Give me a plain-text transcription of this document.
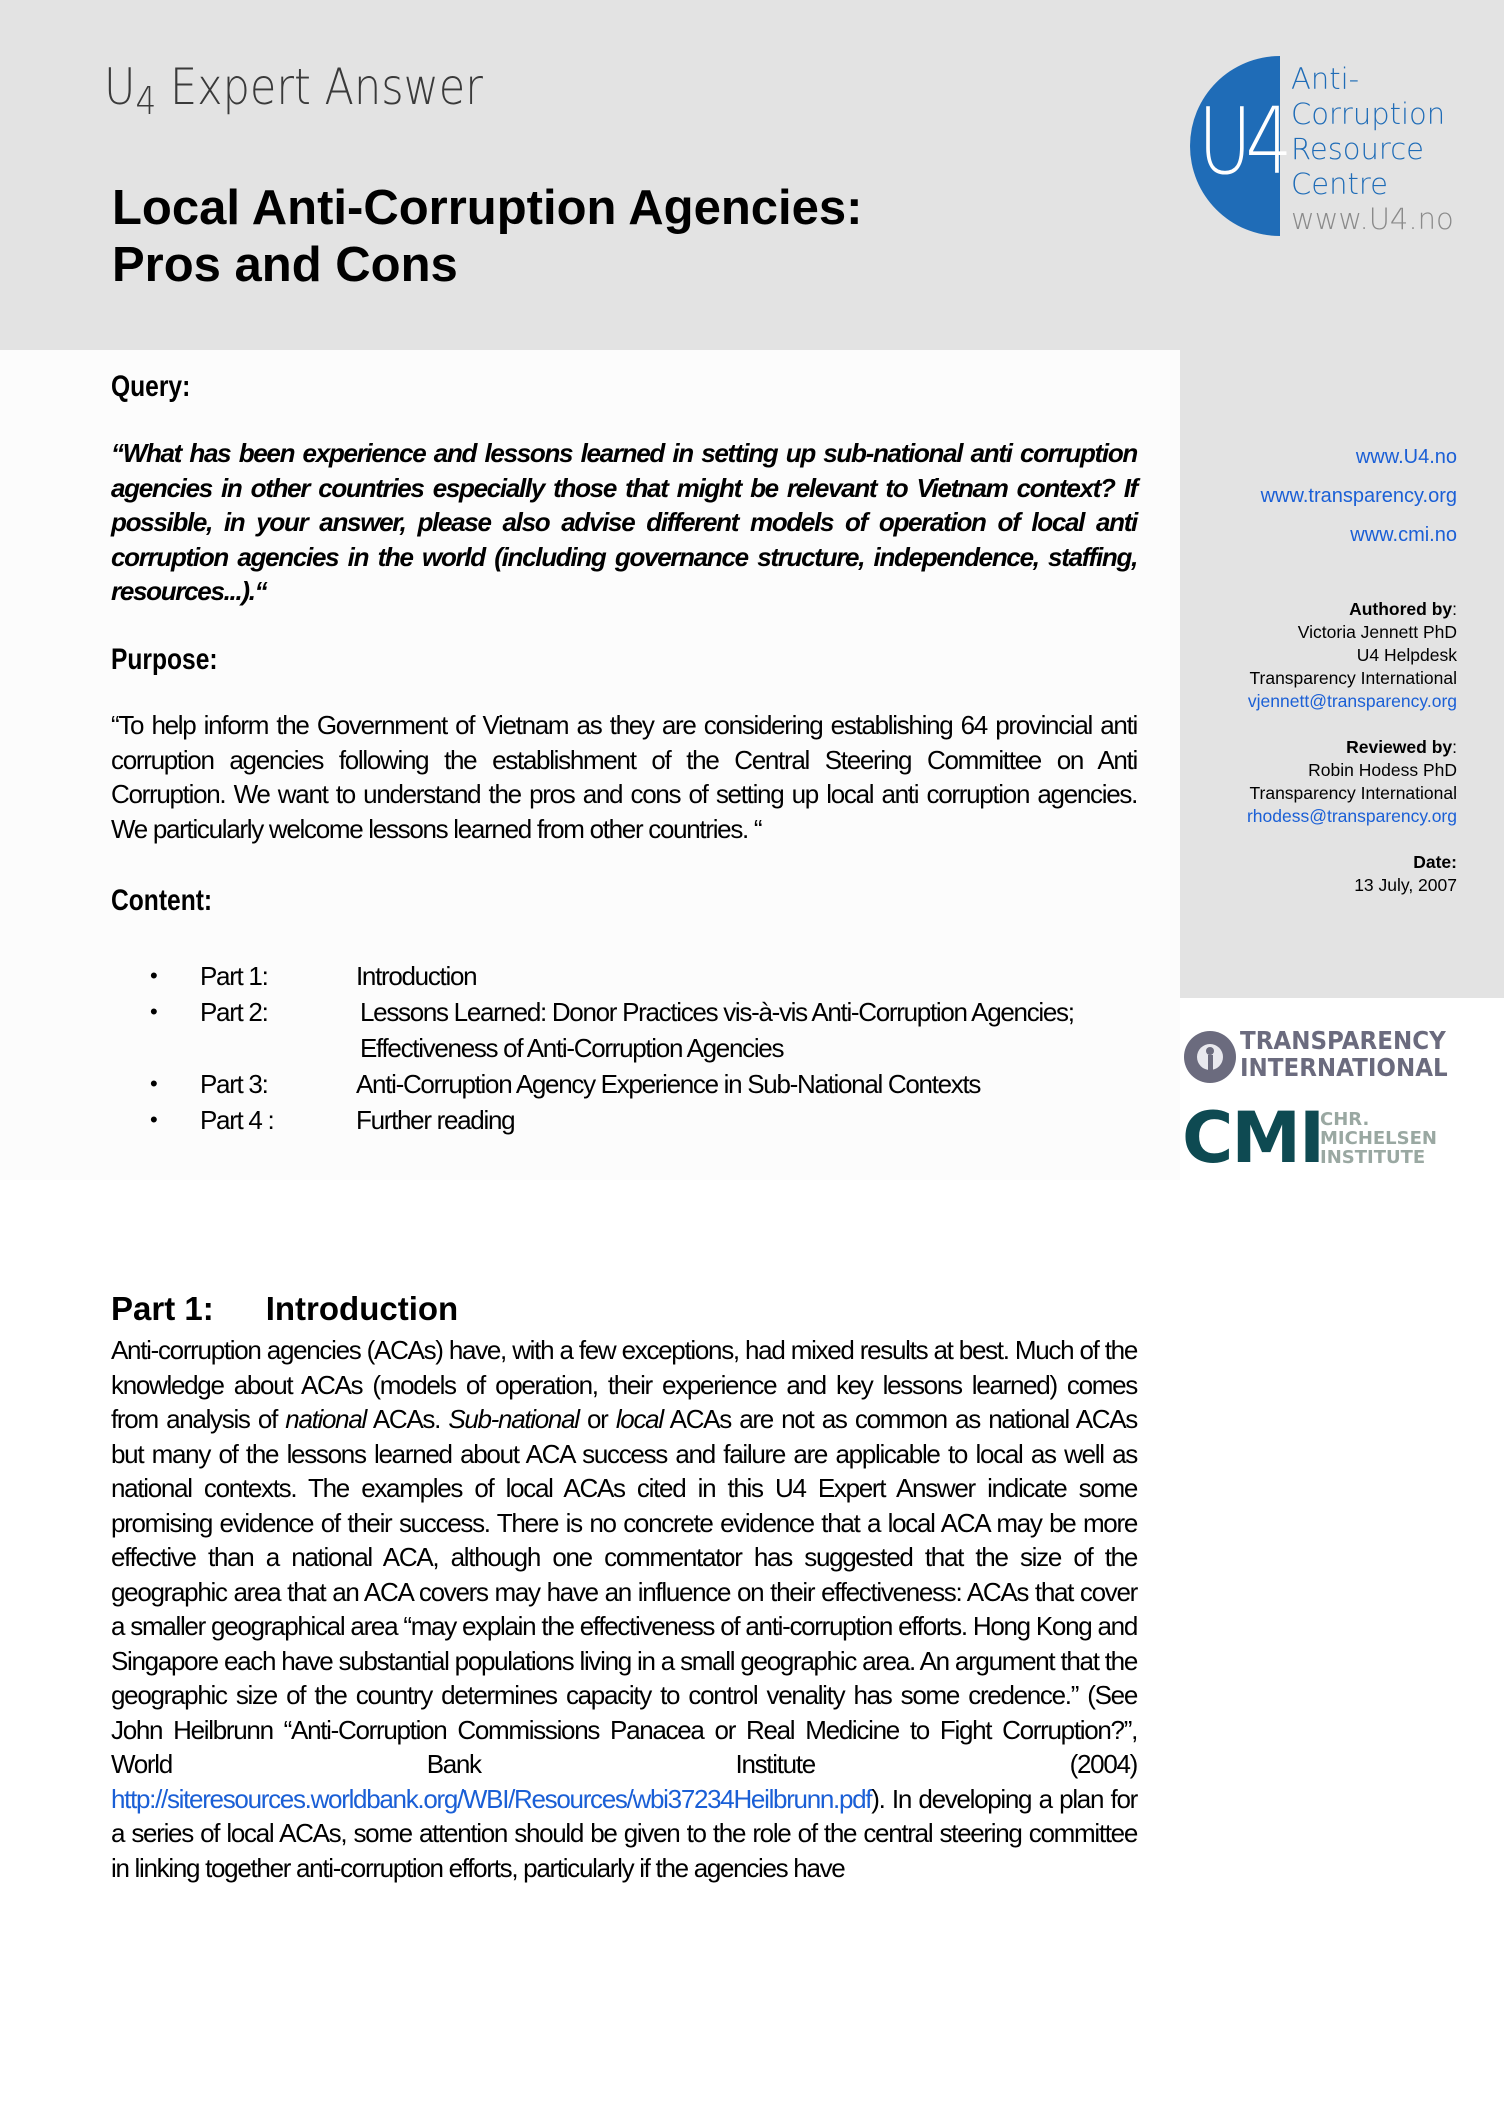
$U_4$ Expert Answer
Local Anti-Corruption Agencies:
Pros and Cons
U4
Anti-
Corruption
Resource
Centre
www.U4.no
www.U4.no
www.transparency.org
www.cmi.no
Authored by:
Victoria Jennett PhD
U4 Helpdesk
Transparency International
vjennett@transparency.org
Reviewed by:
Robin Hodess PhD
Transparency International
rhodess@transparency.org
Date:
13 July, 2007
TRANSPARENCY
INTERNATIONAL
CMI
CHR.
MICHELSEN
INSTITUTE
Query:
“What has been experience and lessons learned in setting up sub-national anti corruption agencies in other countries especially those that might be relevant to Vietnam context? If possible, in your answer, please also advise different models of operation of local anti corruption agencies in the world (including governance structure, independence, staffing, resources...).“
Purpose:
“To help inform the Government of Vietnam as they are considering establishing 64 provincial anti corruption agencies following the establishment of the Central Steering Committee on Anti Corruption. We want to understand the pros and cons of setting up local anti corruption agencies. We particularly welcome lessons learned from other countries. “
Content:
•	Part 1:	Introduction
•	Part 2:	Lessons Learned: Donor Practices vis-à-vis Anti-Corruption Agencies;
Effectiveness of Anti-Corruption Agencies
•	Part 3:	Anti-Corruption Agency Experience in Sub-National Contexts
•	Part 4 :	Further reading
Part 1: Introduction
Anti-corruption agencies (ACAs) have, with a few exceptions, had mixed results at best. Much of the knowledge about ACAs (models of operation, their experience and key lessons learned) comes from analysis of national ACAs. Sub-national or local ACAs are not as common as national ACAs but many of the lessons learned about ACA success and failure are applicable to local as well as national contexts. The examples of local ACAs cited in this U4 Expert Answer indicate some promising evidence of their success. There is no concrete evidence that a local ACA may be more effective than a national ACA, although one commentator has suggested that the size of the geographic area that an ACA covers may have an influence on their effectiveness: ACAs that cover a smaller geographical area “may explain the effectiveness of anti-corruption efforts. Hong Kong and Singapore each have substantial populations living in a small geographic area. An argument that the geographic size of the country determines capacity to control venality has some credence.” (See John Heilbrunn “Anti-Corruption Commissions Panacea or Real Medicine to Fight Corruption?”, World Bank Institute (2004) http://siteresources.worldbank.org/WBI/Resources/wbi37234Heilbrunn.pdf). In developing a plan for a series of local ACAs, some attention should be given to the role of the central steering committee in linking together anti-corruption efforts, particularly if the agencies have
